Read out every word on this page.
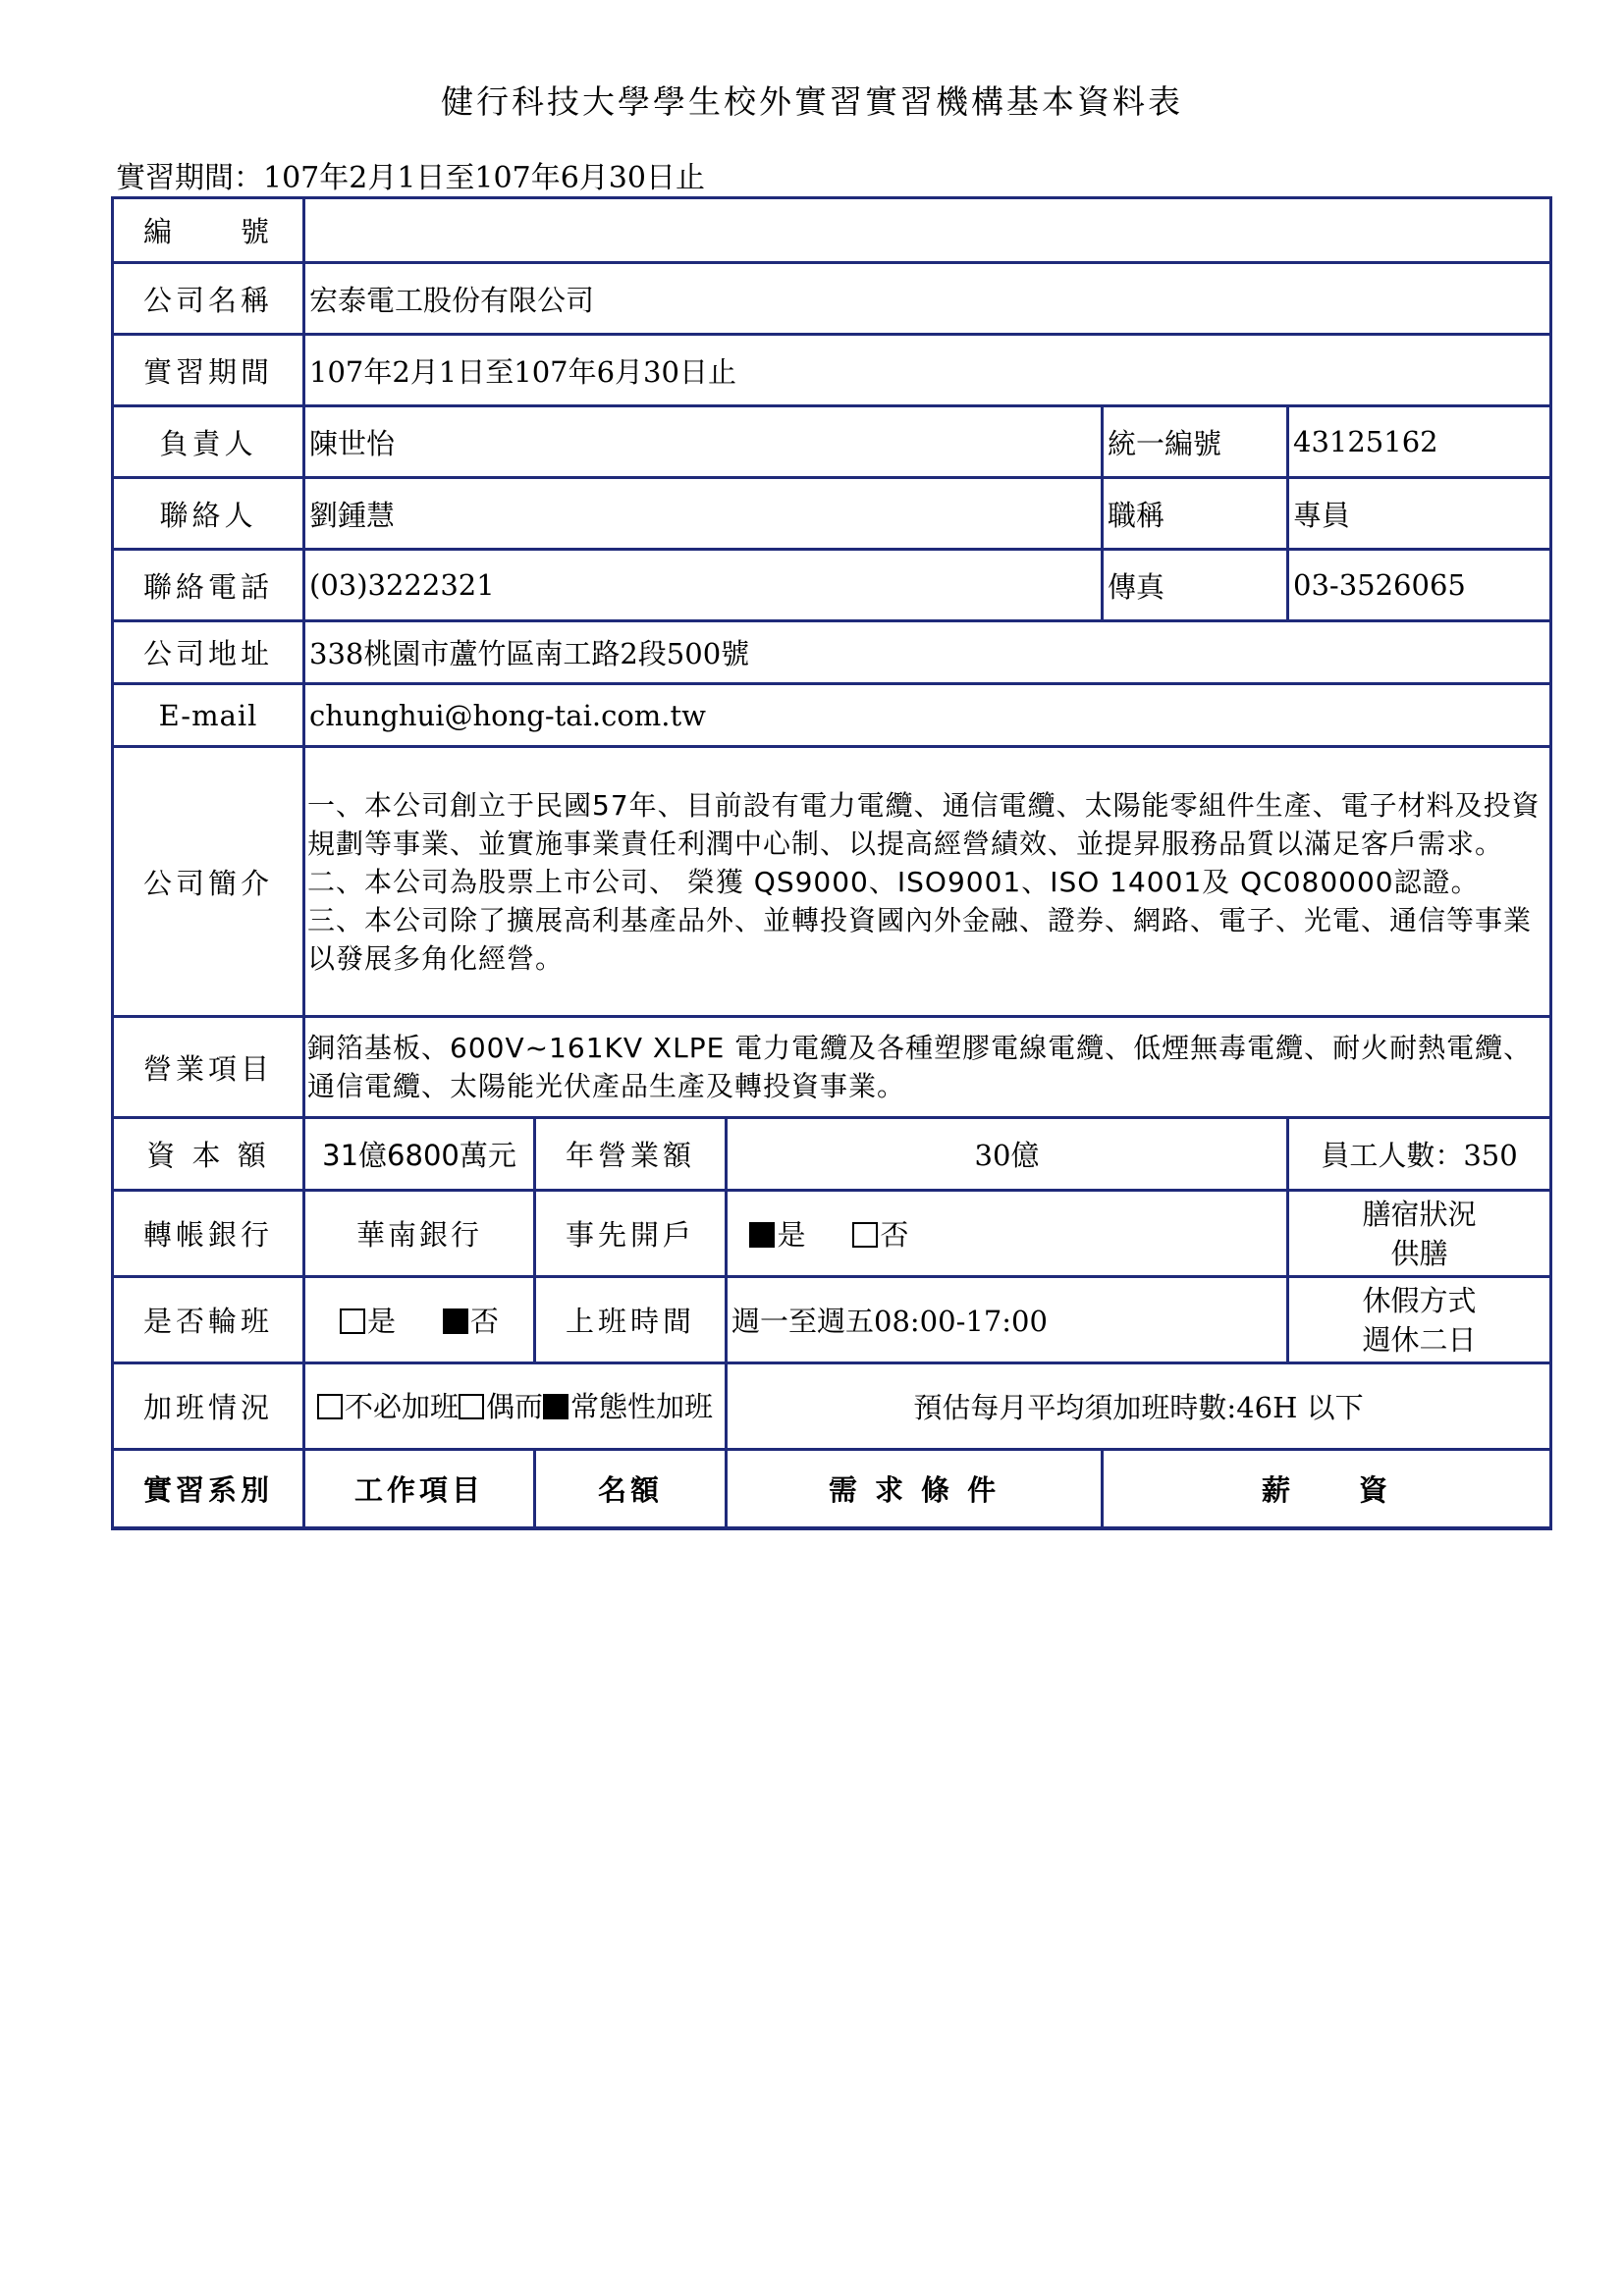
健行科技大學學生校外實習實習機構基本資料表
實習期間：107年2月1日至107年6月30日止
編　　號					
公司名稱	宏泰電工股份有限公司				
實習期間	107年2月1日至107年6月30日止				
負責人	陳世怡			統一編號	43125162
聯絡人	劉鍾慧			職稱	專員
聯絡電話	(03)3222321			傳真	03-3526065
公司地址	338桃園市蘆竹區南工路2段500號				
E-mail	chunghui@hong-tai.com.tw				
公司簡介	一、本公司創立于民國57年、目前設有電力電纜、通信電纜、太陽能零組件生產、電子材料及投資規劃等事業、並實施事業責任利潤中心制、以提高經營績效、並提昇服務品質以滿足客戶需求。
二、本公司為股票上市公司、 榮獲 QS9000、ISO9001、ISO 14001及 QC080000認證。
三、本公司除了擴展高利基產品外、並轉投資國內外金融、證券、網路、電子、光電、通信等事業以發展多角化經營。				

營業項目	銅箔基板、600V~161KV XLPE 電力電纜及各種塑膠電線電纜、低煙無毒電纜、耐火耐熱電纜、通信電纜、太陽能光伏產品生產及轉投資事業。				
資 本 額	31億6800萬元	年營業額	30億		員工人數：350
轉帳銀行	華南銀行	事先開戶	是 否		膳宿狀況
供膳

是否輪班	是 否	上班時間	週一至週五08:00-17:00		休假方式
週休二日

加班情況	不必加班 偶而 常態性加班		預估每月平均須加班時數:46H 以下		
實習系別	工作項目	名額	需 求 條 件	薪　　資	
